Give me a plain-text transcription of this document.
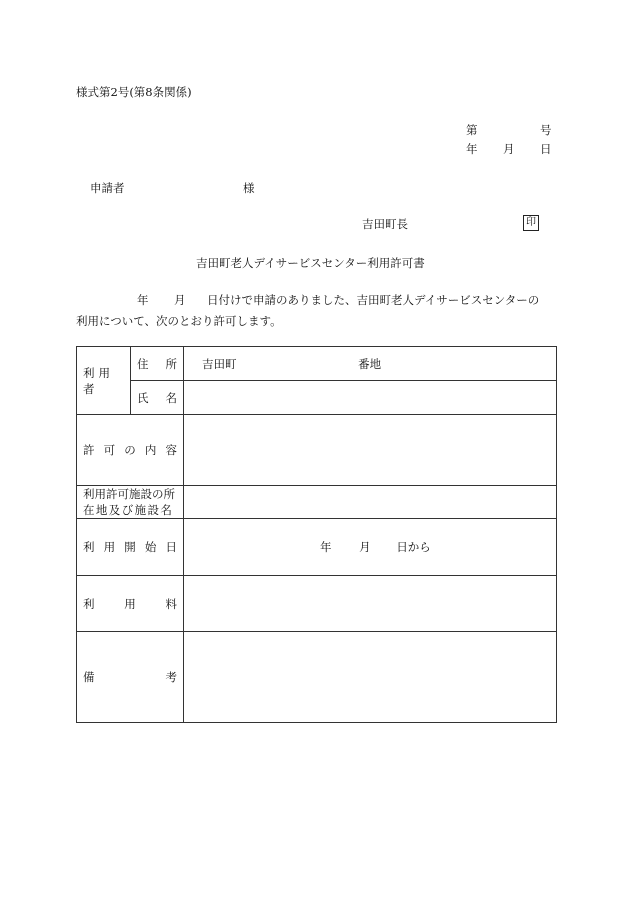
様式第2号(第8条関係)
第	号
年 月 日
申請者	様
吉田町長	印
吉田町老人デイサービスセンター利用許可書
年 月 日付けで申請のありました、吉田町老人デイサービスセンターの
利用について、次のとおり許可します。
利用者	住 所	吉田町 番地

	氏 名	

許 可 の 内 容		

利用許可施設の所
在地及び施設名		

利 用 開 始 日		年 月 日から

利 用 料		

備 考		
